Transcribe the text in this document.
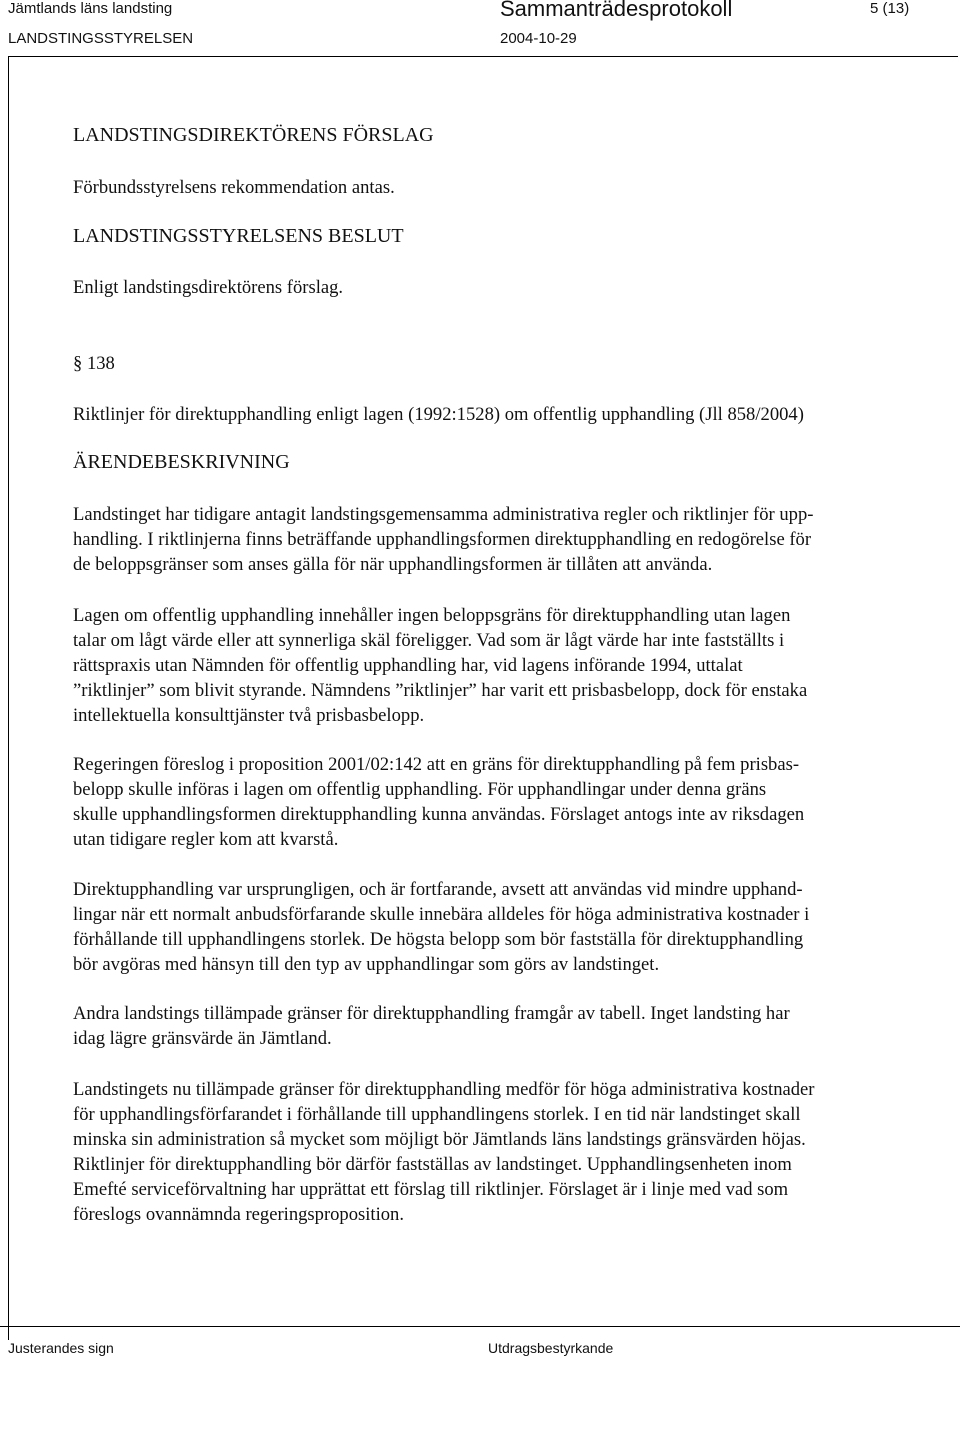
Jämtlands läns landsting	Sammanträdesprotokoll	5 (13)
LANDSTINGSSTYRELSEN	2004-10-29
LANDSTINGSDIREKTÖRENS FÖRSLAG
Förbundsstyrelsens rekommendation antas.
LANDSTINGSSTYRELSENS BESLUT
Enligt landstingsdirektörens förslag.
§ 138
Riktlinjer för direktupphandling enligt lagen (1992:1528) om offentlig upphandling (Jll 858/2004)
ÄRENDEBESKRIVNING
Landstinget har tidigare antagit landstingsgemensamma administrativa regler och riktlinjer för upp-
handling. I riktlinjerna finns beträffande upphandlingsformen direktupphandling en redogörelse för
de beloppsgränser som anses gälla för när upphandlingsformen är tillåten att använda.
Lagen om offentlig upphandling innehåller ingen beloppsgräns för direktupphandling utan lagen
talar om lågt värde eller att synnerliga skäl föreligger. Vad som är lågt värde har inte fastställts i
rättspraxis utan Nämnden för offentlig upphandling har, vid lagens införande 1994, uttalat
”riktlinjer” som blivit styrande. Nämndens ”riktlinjer” har varit ett prisbasbelopp, dock för enstaka
intellektuella konsulttjänster två prisbasbelopp.
Regeringen föreslog i proposition 2001/02:142 att en gräns för direktupphandling på fem prisbas-
belopp skulle införas i lagen om offentlig upphandling. För upphandlingar under denna gräns
skulle upphandlingsformen direktupphandling kunna användas. Förslaget antogs inte av riksdagen
utan tidigare regler kom att kvarstå.
Direktupphandling var ursprungligen, och är fortfarande, avsett att användas vid mindre upphand-
lingar när ett normalt anbudsförfarande skulle innebära alldeles för höga administrativa kostnader i
förhållande till upphandlingens storlek. De högsta belopp som bör fastställa för direktupphandling
bör avgöras med hänsyn till den typ av upphandlingar som görs av landstinget.
Andra landstings tillämpade gränser för direktupphandling framgår av tabell. Inget landsting har
idag lägre gränsvärde än Jämtland.
Landstingets nu tillämpade gränser för direktupphandling medför för höga administrativa kostnader
för upphandlingsförfarandet i förhållande till upphandlingens storlek. I en tid när landstinget skall
minska sin administration så mycket som möjligt bör Jämtlands läns landstings gränsvärden höjas.
Riktlinjer för direktupphandling bör därför fastställas av landstinget. Upphandlingsenheten inom
Emefté serviceförvaltning har upprättat ett förslag till riktlinjer. Förslaget är i linje med vad som
föreslogs ovannämnda regeringsproposition.
Justerandes sign	Utdragsbestyrkande
